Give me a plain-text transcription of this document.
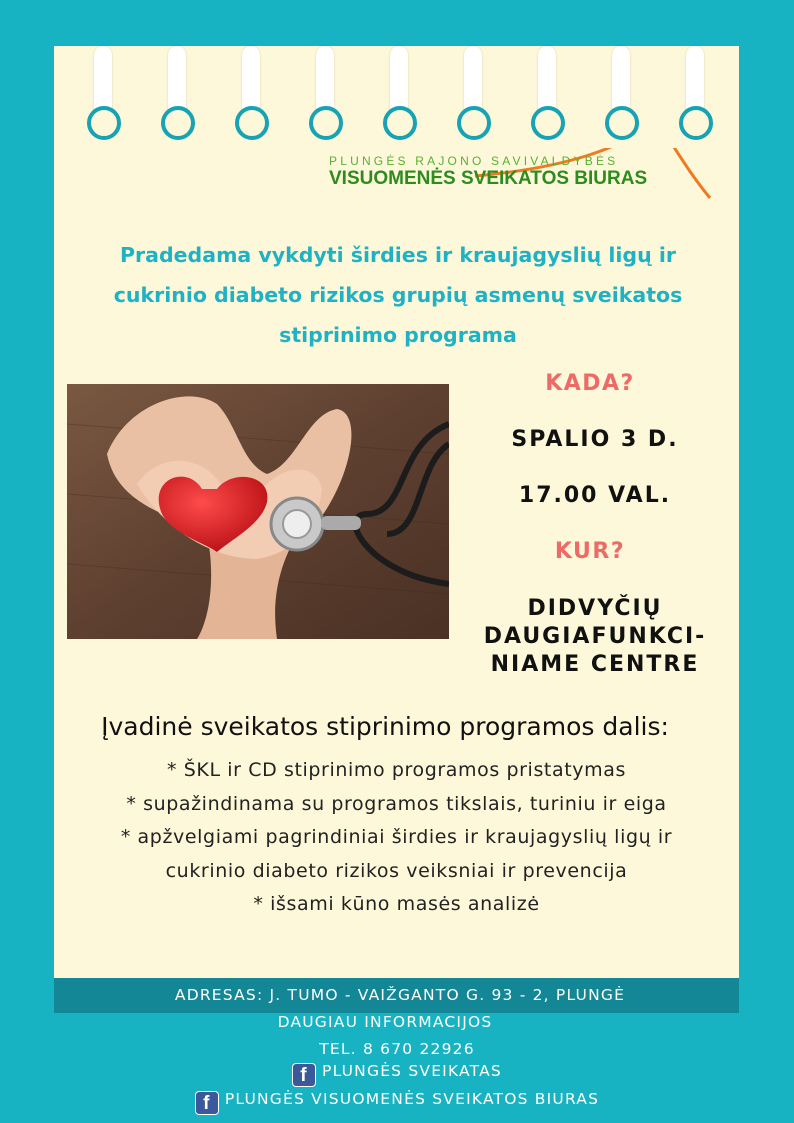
PLUNGĖS RAJONO SAVIVALDYBĖS
VISUOMENĖS SVEIKATOS BIURAS
Pradedama vykdyti širdies ir kraujagyslių ligų ir
cukrinio diabeto rizikos grupių asmenų sveikatos
stiprinimo programa
KADA?
SPALIO 3 D.
17.00 VAL.
KUR?
DIDVYČIŲ
DAUGIAFUNKCI-
NIAME CENTRE
Įvadinė sveikatos stiprinimo programos dalis:
* ŠKL ir CD stiprinimo programos pristatymas
* supažindinama su programos tikslais, turiniu ir eiga
* apžvelgiami pagrindiniai širdies ir kraujagyslių ligų ir
cukrinio diabeto rizikos veiksniai ir prevencija
* išsami kūno masės analizė
ADRESAS: J. TUMO - VAIŽGANTO G. 93 - 2, PLUNGĖ
DAUGIAU INFORMACIJOS
TEL. 8 670 22926
f PLUNGĖS SVEIKATAS
f PLUNGĖS VISUOMENĖS SVEIKATOS BIURAS
